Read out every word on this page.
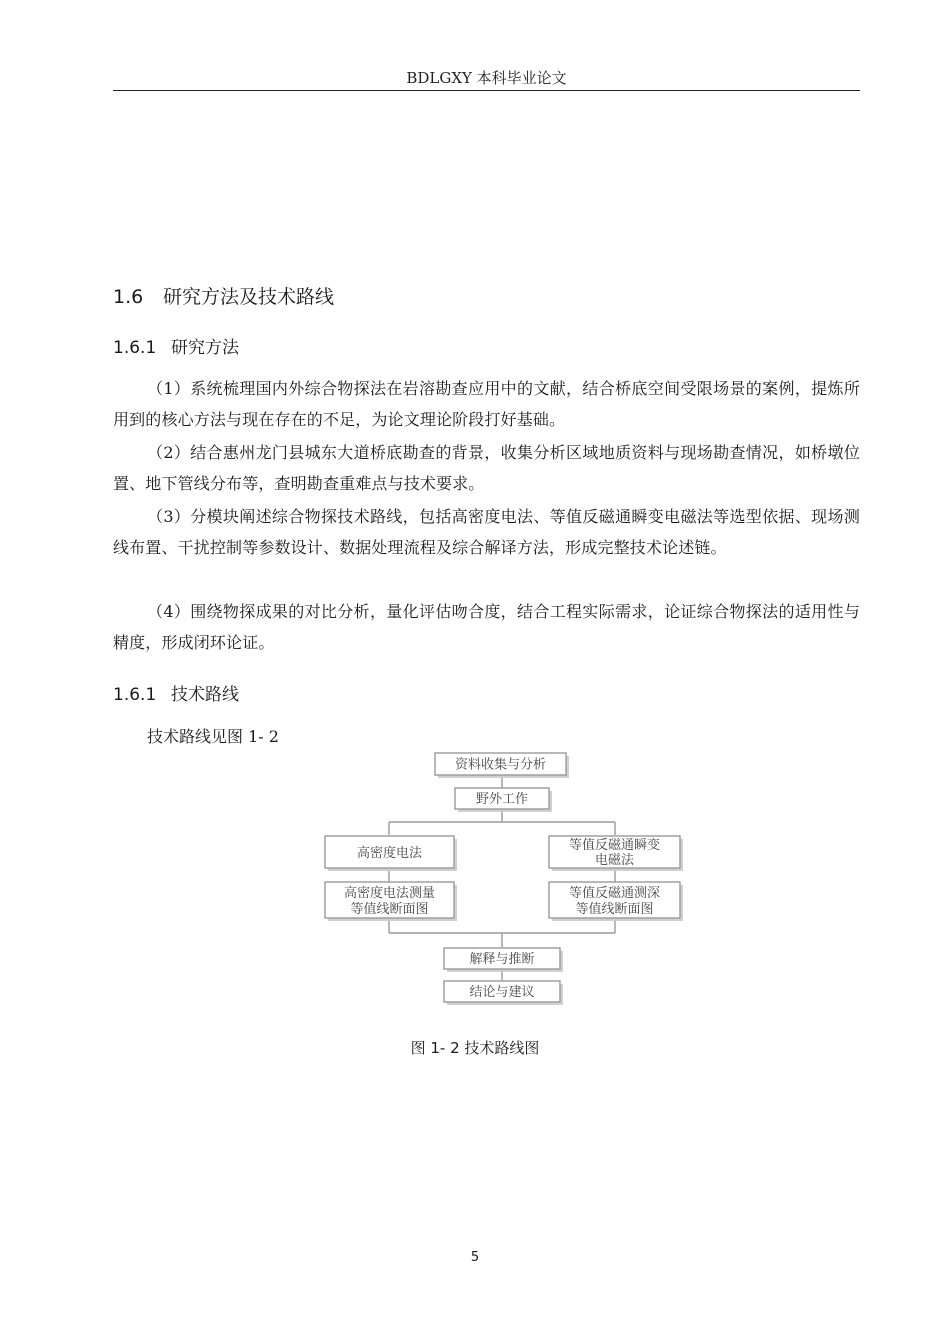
BDLGXY 本科毕业论文
1.6 研究方法及技术路线
1.6.1 研究方法

（1）系统梳理国内外综合物探法在岩溶勘查应用中的文献，结合桥底空间受限场景的案例，提炼所用到的核心方法与现在存在的不足，为论文理论阶段打好基础。

（2）结合惠州龙门县城东大道桥底勘查的背景，收集分析区域地质资料与现场勘查情况，如桥墩位置、地下管线分布等，查明勘查重难点与技术要求。

（3）分模块阐述综合物探技术路线，包括高密度电法、等值反磁通瞬变电磁法等选型依据、现场测线布置、干扰控制等参数设计、数据处理流程及综合解译方法，形成完整技术论述链。

（4）围绕物探成果的对比分析，量化评估吻合度，结合工程实际需求，论证综合物探法的适用性与精度，形成闭环论证。

1.6.1 技术路线
技术路线见图 1- 2
资料收集与分析
野外工作
高密度电法
等值反磁通瞬变
电磁法
高密度电法测量
等值线断面图
等值反磁通测深
等值线断面图
解释与推断
结论与建议
图 1- 2 技术路线图
5
